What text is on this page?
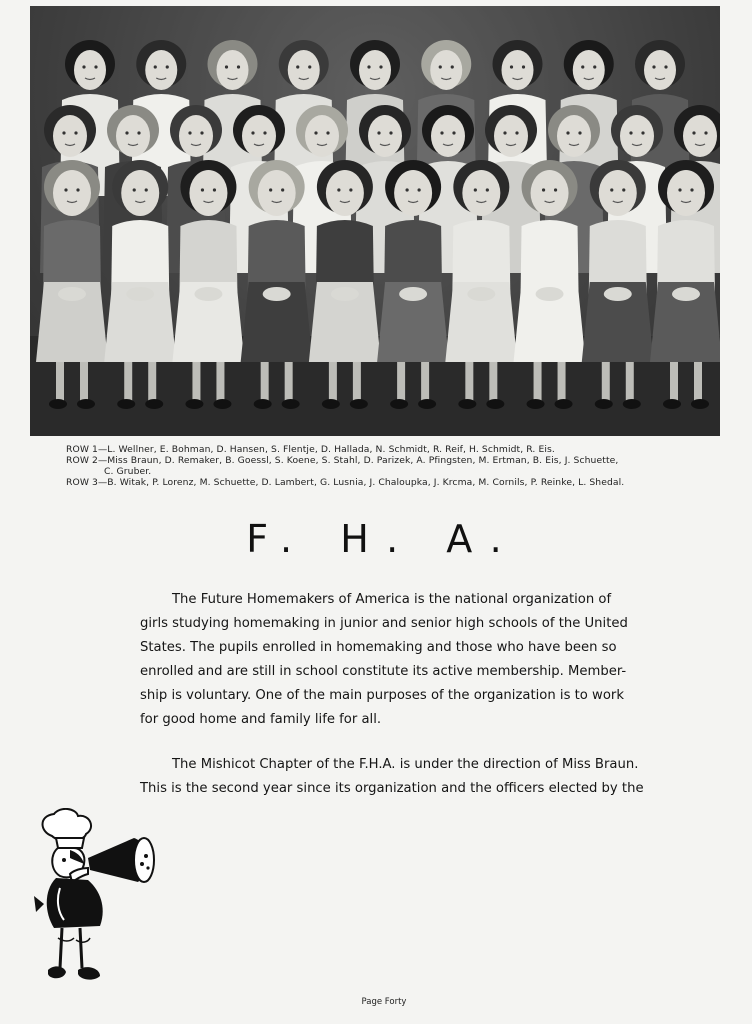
ROW 1—L. Wellner, E. Bohman, D. Hansen, S. Flentje, D. Hallada, N. Schmidt, R. Reif, H. Schmidt, R. Eis.
ROW 2—Miss Braun, D. Remaker, B. Goessl, S. Koene, S. Stahl, D. Parizek, A. Pfingsten, M. Ertman, B. Eis, J. Schuette,
C. Gruber.
ROW 3—B. Witak, P. Lorenz, M. Schuette, D. Lambert, G. Lusnia, J. Chaloupka, J. Krcma, M. Cornils, P. Reinke, L. Shedal.
F. H. A.
The Future Homemakers of America is the national organization of
girls studying homemaking in junior and senior high schools of the United
States. The pupils enrolled in homemaking and those who have been so
enrolled and are still in school constitute its active membership. Member-
ship is voluntary. One of the main purposes of the organization is to work
for good home and family life for all.
The Mishicot Chapter of the F.H.A. is under the direction of Miss Braun.
This is the second year since its organization and the officers elected by the
Page Forty
